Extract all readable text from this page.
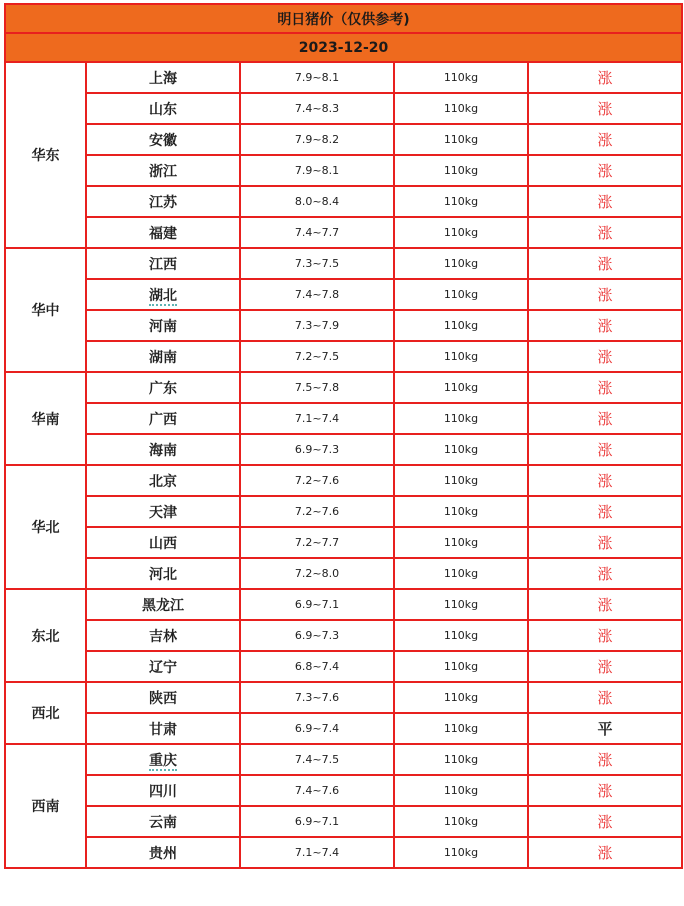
明日猪价（仅供参考)				
2023-12-20				
华东	上海	7.9~8.1	110kg	涨
	山东	7.4~8.3	110kg	涨
	安徽	7.9~8.2	110kg	涨
	浙江	7.9~8.1	110kg	涨
	江苏	8.0~8.4	110kg	涨
	福建	7.4~7.7	110kg	涨
华中	江西	7.3~7.5	110kg	涨
	湖北	7.4~7.8	110kg	涨
	河南	7.3~7.9	110kg	涨
	湖南	7.2~7.5	110kg	涨
华南	广东	7.5~7.8	110kg	涨
	广西	7.1~7.4	110kg	涨
	海南	6.9~7.3	110kg	涨
华北	北京	7.2~7.6	110kg	涨
	天津	7.2~7.6	110kg	涨
	山西	7.2~7.7	110kg	涨
	河北	7.2~8.0	110kg	涨
东北	黑龙江	6.9~7.1	110kg	涨
	吉林	6.9~7.3	110kg	涨
	辽宁	6.8~7.4	110kg	涨
西北	陕西	7.3~7.6	110kg	涨
	甘肃	6.9~7.4	110kg	平
西南	重庆	7.4~7.5	110kg	涨
	四川	7.4~7.6	110kg	涨
	云南	6.9~7.1	110kg	涨
	贵州	7.1~7.4	110kg	涨
